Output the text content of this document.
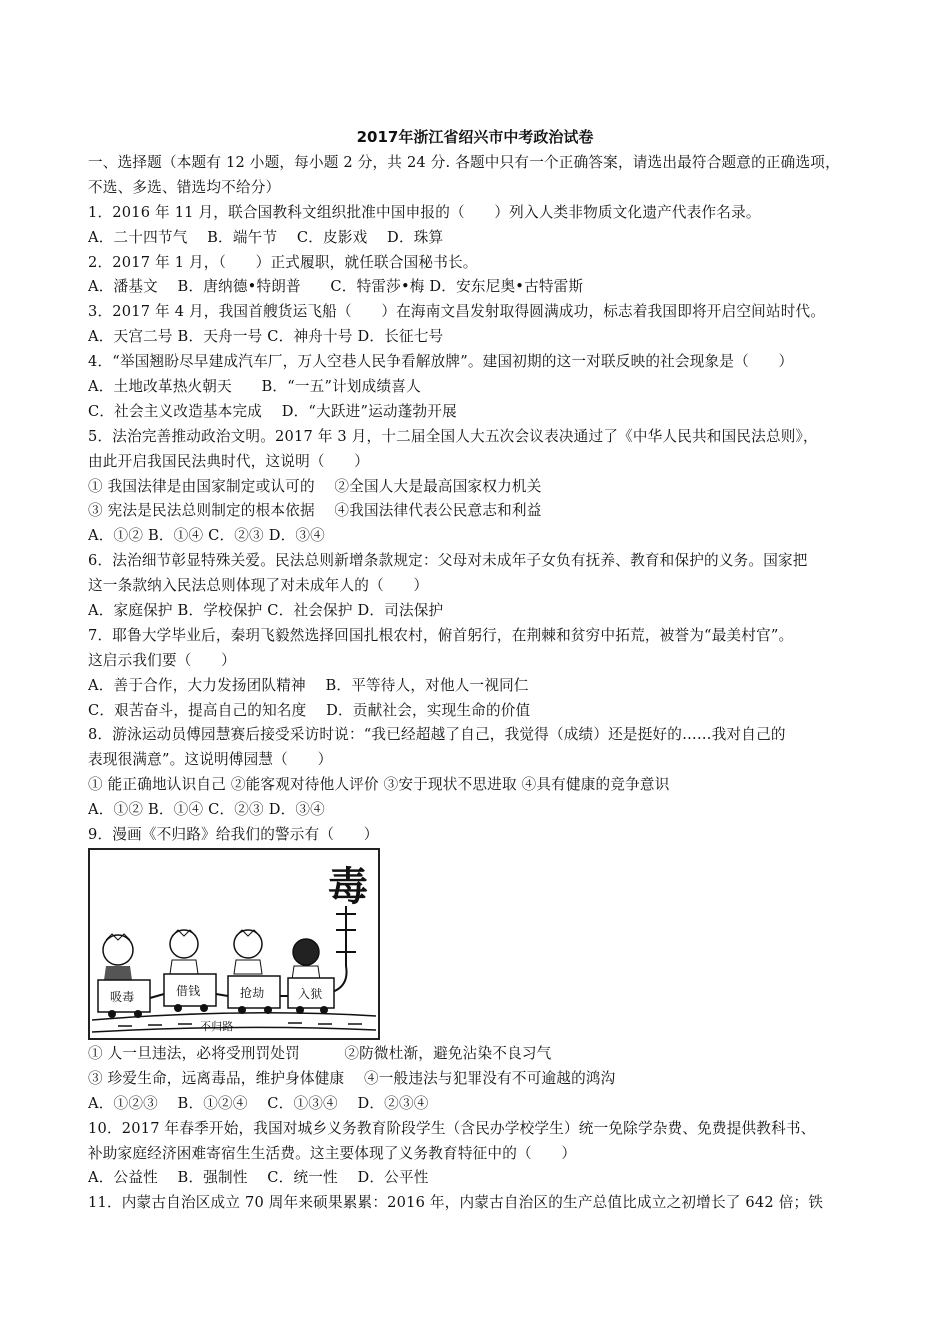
2017年浙江省绍兴市中考政治试卷
一、选择题（本题有 12 小题，每小题 2 分，共 24 分. 各题中只有一个正确答案，请选出最符合题意的正确选项，
不选、多选、错选均不给分）
1．2016 年 11 月，联合国教科文组织批准中国申报的（　　）列入人类非物质文化遗产代表作名录。
A．二十四节气　 B．端午节　 C．皮影戏　 D．珠算
2．2017 年 1 月，（　　）正式履职，就任联合国秘书长。
A．潘基文　 B．唐纳德•特朗普　　C．特雷莎•梅 D．安东尼奥•古特雷斯
3．2017 年 4 月，我国首艘货运飞船（　　）在海南文昌发射取得圆满成功，标志着我国即将开启空间站时代。
A．天宫二号 B．天舟一号 C．神舟十号 D．长征七号
4．“举国翘盼尽早建成汽车厂，万人空巷人民争看解放牌”。建国初期的这一对联反映的社会现象是（　　）
A．土地改革热火朝天　　B．“一五”计划成绩喜人
C．社会主义改造基本完成　 D．“大跃进”运动蓬勃开展
5．法治完善推动政治文明。2017 年 3 月，十二届全国人大五次会议表决通过了《中华人民共和国民法总则》，
由此开启我国民法典时代，这说明（　　）
① 我国法律是由国家制定或认可的　 ②全国人大是最高国家权力机关
③ 宪法是民法总则制定的根本依据　 ④我国法律代表公民意志和利益
A．①② B．①④ C．②③ D．③④
6．法治细节彰显特殊关爱。民法总则新增条款规定：父母对未成年子女负有抚养、教育和保护的义务。国家把
这一条款纳入民法总则体现了对未成年人的（　　）
A．家庭保护 B．学校保护 C．社会保护 D．司法保护
7．耶鲁大学毕业后，秦玥飞毅然选择回国扎根农村，俯首躬行，在荆棘和贫穷中拓荒，被誉为“最美村官”。
这启示我们要（　　）
A．善于合作，大力发扬团队精神　 B．平等待人，对他人一视同仁
C．艰苦奋斗，提高自己的知名度　 D．贡献社会，实现生命的价值
8．游泳运动员傅园慧赛后接受采访时说：“我已经超越了自己，我觉得（成绩）还是挺好的……我对自己的
表现很满意”。这说明傅园慧（　　）
① 能正确地认识自己 ②能客观对待他人评价 ③安于现状不思进取 ④具有健康的竞争意识
A．①② B．①④ C．②③ D．③④
9．漫画《不归路》给我们的警示有（　　）
毒
吸毒	借钱	抢劫	入狱
不归路
① 人一旦违法，必将受刑罚处罚　　　②防微杜渐，避免沾染不良习气
③ 珍爱生命，远离毒品，维护身体健康　 ④一般违法与犯罪没有不可逾越的鸿沟
A．①②③　 B．①②④　 C．①③④　 D．②③④
10．2017 年春季开始，我国对城乡义务教育阶段学生（含民办学校学生）统一免除学杂费、免费提供教科书、
补助家庭经济困难寄宿生生活费。这主要体现了义务教育特征中的（　　）
A．公益性　 B．强制性　 C．统一性　 D．公平性
11．内蒙古自治区成立 70 周年来硕果累累：2016 年，内蒙古自治区的生产总值比成立之初增长了 642 倍；铁
